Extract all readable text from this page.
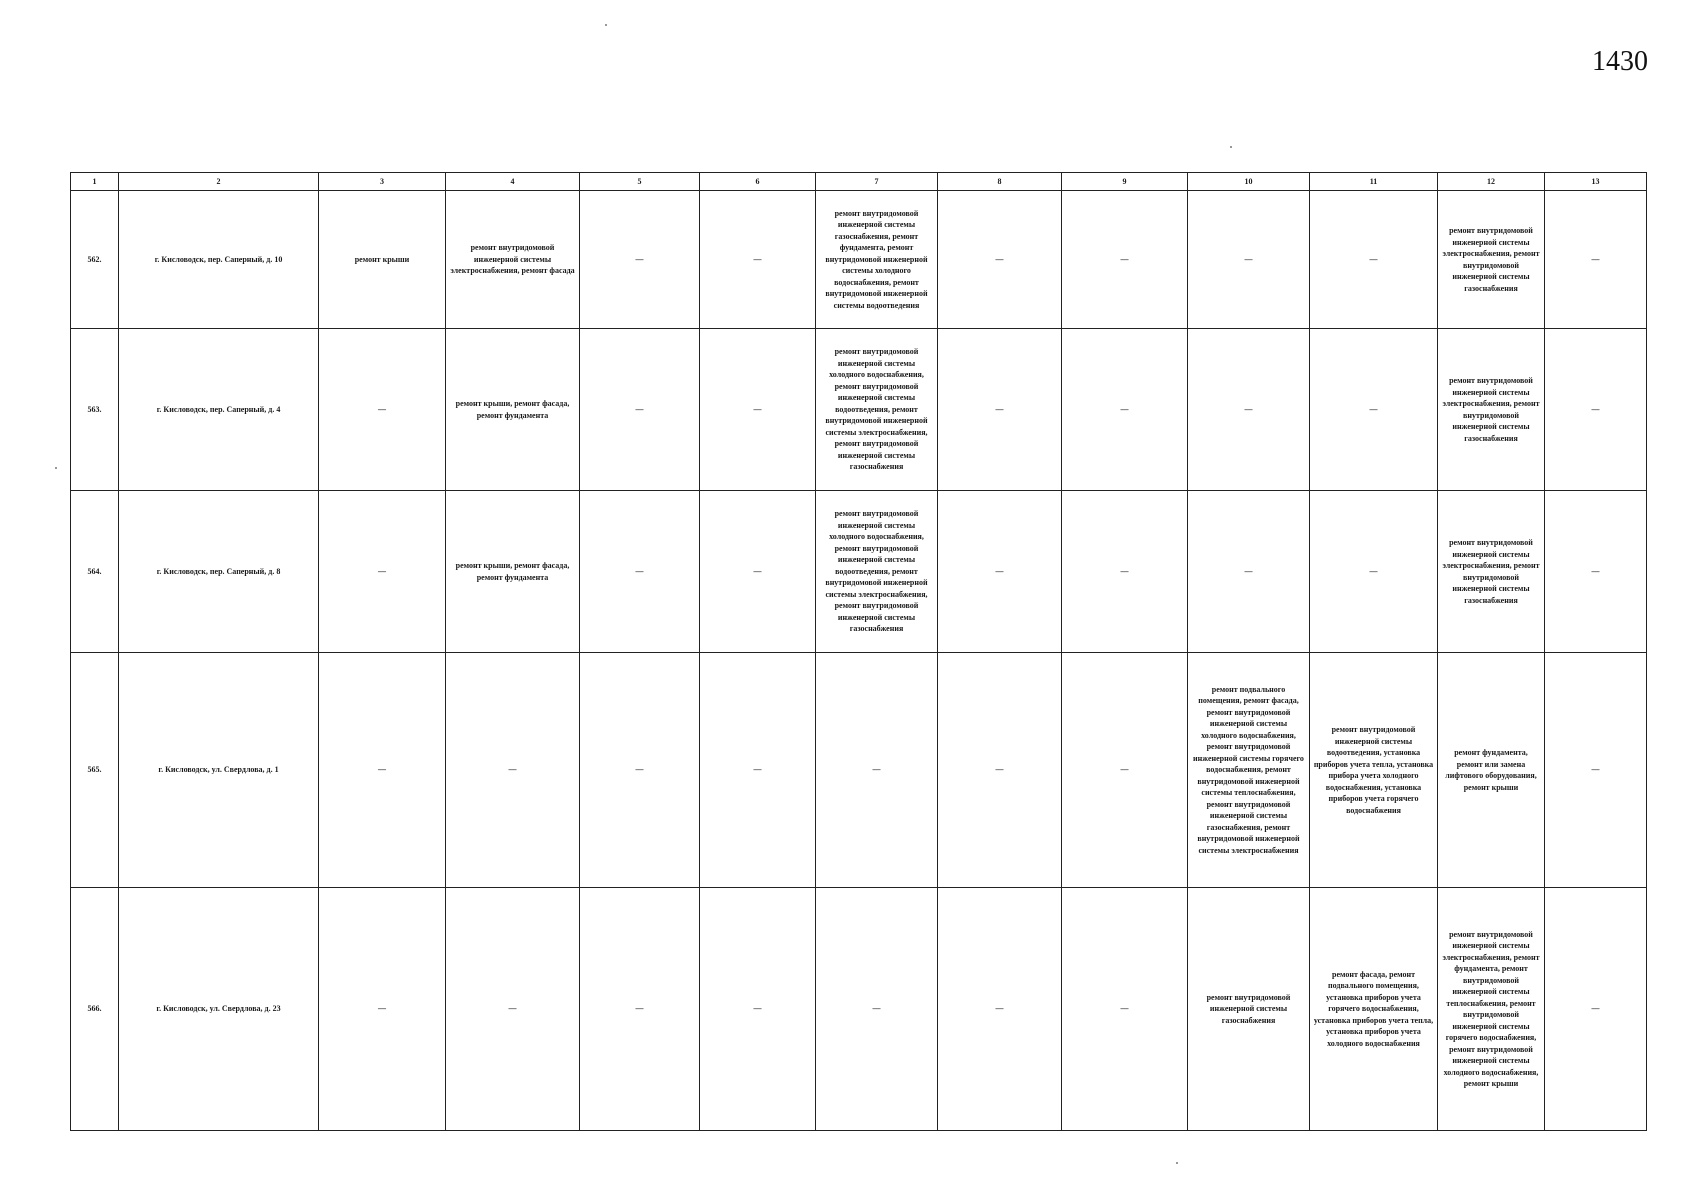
1430
1	2	3	4	5	6	7	8	9	10	11	12	13
562.	г. Кисловодск, пер. Саперный, д. 10	ремонт крыши	ремонт внутридомовой инженерной системы электроснабжения, ремонт фасада	—	—	ремонт внутридомовой инженерной системы газоснабжения, ремонт фундамента, ремонт внутридомовой инженерной системы холодного водоснабжения, ремонт внутридомовой инженерной системы водоотведения	—	—	—	—	ремонт внутридомовой инженерной системы электроснабжения, ремонт внутридомовой инженерной системы газоснабжения	—
563.	г. Кисловодск, пер. Саперный, д. 4	—	ремонт крыши, ремонт фасада, ремонт фундамента	—	—	ремонт внутридомовой инженерной системы холодного водоснабжения, ремонт внутридомовой инженерной системы водоотведения, ремонт внутридомовой инженерной системы электроснабжения, ремонт внутридомовой инженерной системы газоснабжения	—	—	—	—	ремонт внутридомовой инженерной системы электроснабжения, ремонт внутридомовой инженерной системы газоснабжения	—
564.	г. Кисловодск, пер. Саперный, д. 8	—	ремонт крыши, ремонт фасада, ремонт фундамента	—	—	ремонт внутридомовой инженерной системы холодного водоснабжения, ремонт внутридомовой инженерной системы водоотведения, ремонт внутридомовой инженерной системы электроснабжения, ремонт внутридомовой инженерной системы газоснабжения	—	—	—	—	ремонт внутридомовой инженерной системы электроснабжения, ремонт внутридомовой инженерной системы газоснабжения	—
565.	г. Кисловодск, ул. Свердлова, д. 1	—	—	—	—	—	—	—	ремонт подвального помещения, ремонт фасада, ремонт внутридомовой инженерной системы холодного водоснабжения, ремонт внутридомовой инженерной системы горячего водоснабжения, ремонт внутридомовой инженерной системы теплоснабжения, ремонт внутридомовой инженерной системы газоснабжения, ремонт внутридомовой инженерной системы электроснабжения	ремонт внутридомовой инженерной системы водоотведения, установка приборов учета тепла, установка прибора учета холодного водоснабжения, установка приборов учета горячего водоснабжения	ремонт фундамента, ремонт или замена лифтового оборудования, ремонт крыши	—
566.	г. Кисловодск, ул. Свердлова, д. 23	—	—	—	—	—	—	—	ремонт внутридомовой инженерной системы газоснабжения	ремонт фасада, ремонт подвального помещения, установка приборов учета горячего водоснабжения, установка приборов учета тепла, установка приборов учета холодного водоснабжения	ремонт внутридомовой инженерной системы электроснабжения, ремонт фундамента, ремонт внутридомовой инженерной системы теплоснабжения, ремонт внутридомовой инженерной системы горячего водоснабжения, ремонт внутридомовой инженерной системы холодного водоснабжения, ремонт крыши	—
